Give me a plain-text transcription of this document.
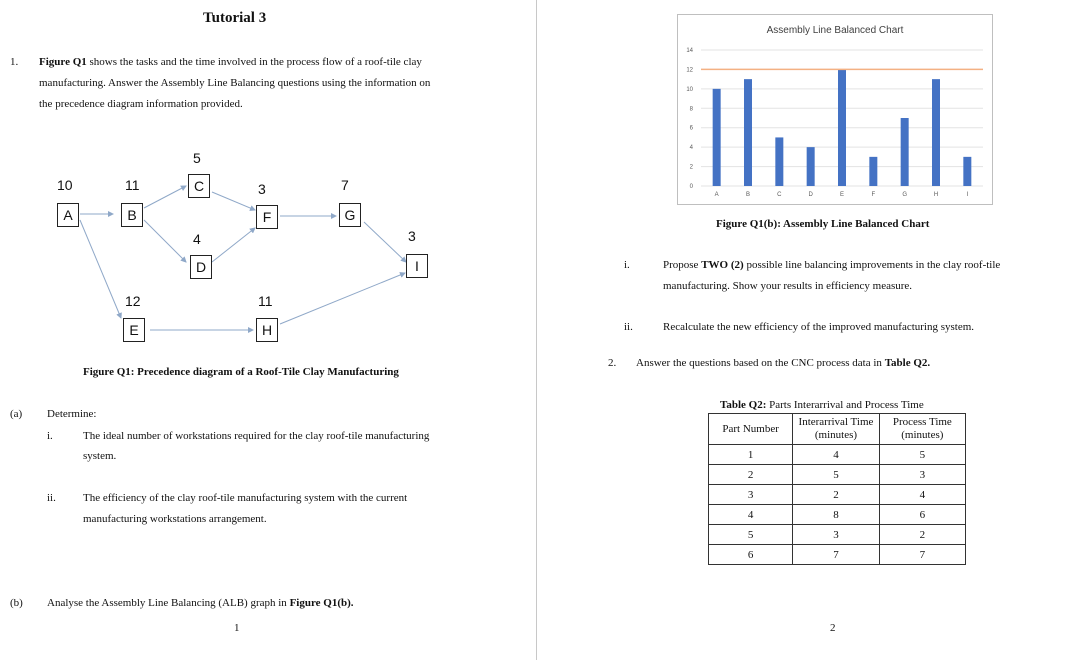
Tutorial 3
1. Figure Q1 shows the tasks and the time involved in the process flow of a roof-tile clay
manufacturing. Answer the Assembly Line Balancing questions using the information on
the precedence diagram information provided.
10
A
11
B
5
C
4
D
12
E
3
F
7
G
11
H
3
I
Figure Q1: Precedence diagram of a Roof-Tile Clay Manufacturing
(a) Determine:
i.	The ideal number of workstations required for the clay roof-tile manufacturing
system.
ii. The efficiency of the clay roof-tile manufacturing system with the current
manufacturing workstations arrangement.
(b) Analyse the Assembly Line Balancing (ALB) graph in Figure Q1(b).
1
Assembly Line Balanced Chart
0
2
4
6
8
10
12
14
A	B	C	D	E	F	G	H	I
Figure Q1(b): Assembly Line Balanced Chart
i.	Propose TWO (2) possible line balancing improvements in the clay roof-tile
manufacturing. Show your results in efficiency measure.
ii.	Recalculate the new efficiency of the improved manufacturing system.
2. Answer the questions based on the CNC process data in Table Q2.
Table Q2: Parts Interarrival and Process Time
Part Number	Interarrival Time (minutes)	Process Time (minutes)
1	4	5
2	5	3
3	2	4
4	8	6
5	3	2
6	7	7
2
